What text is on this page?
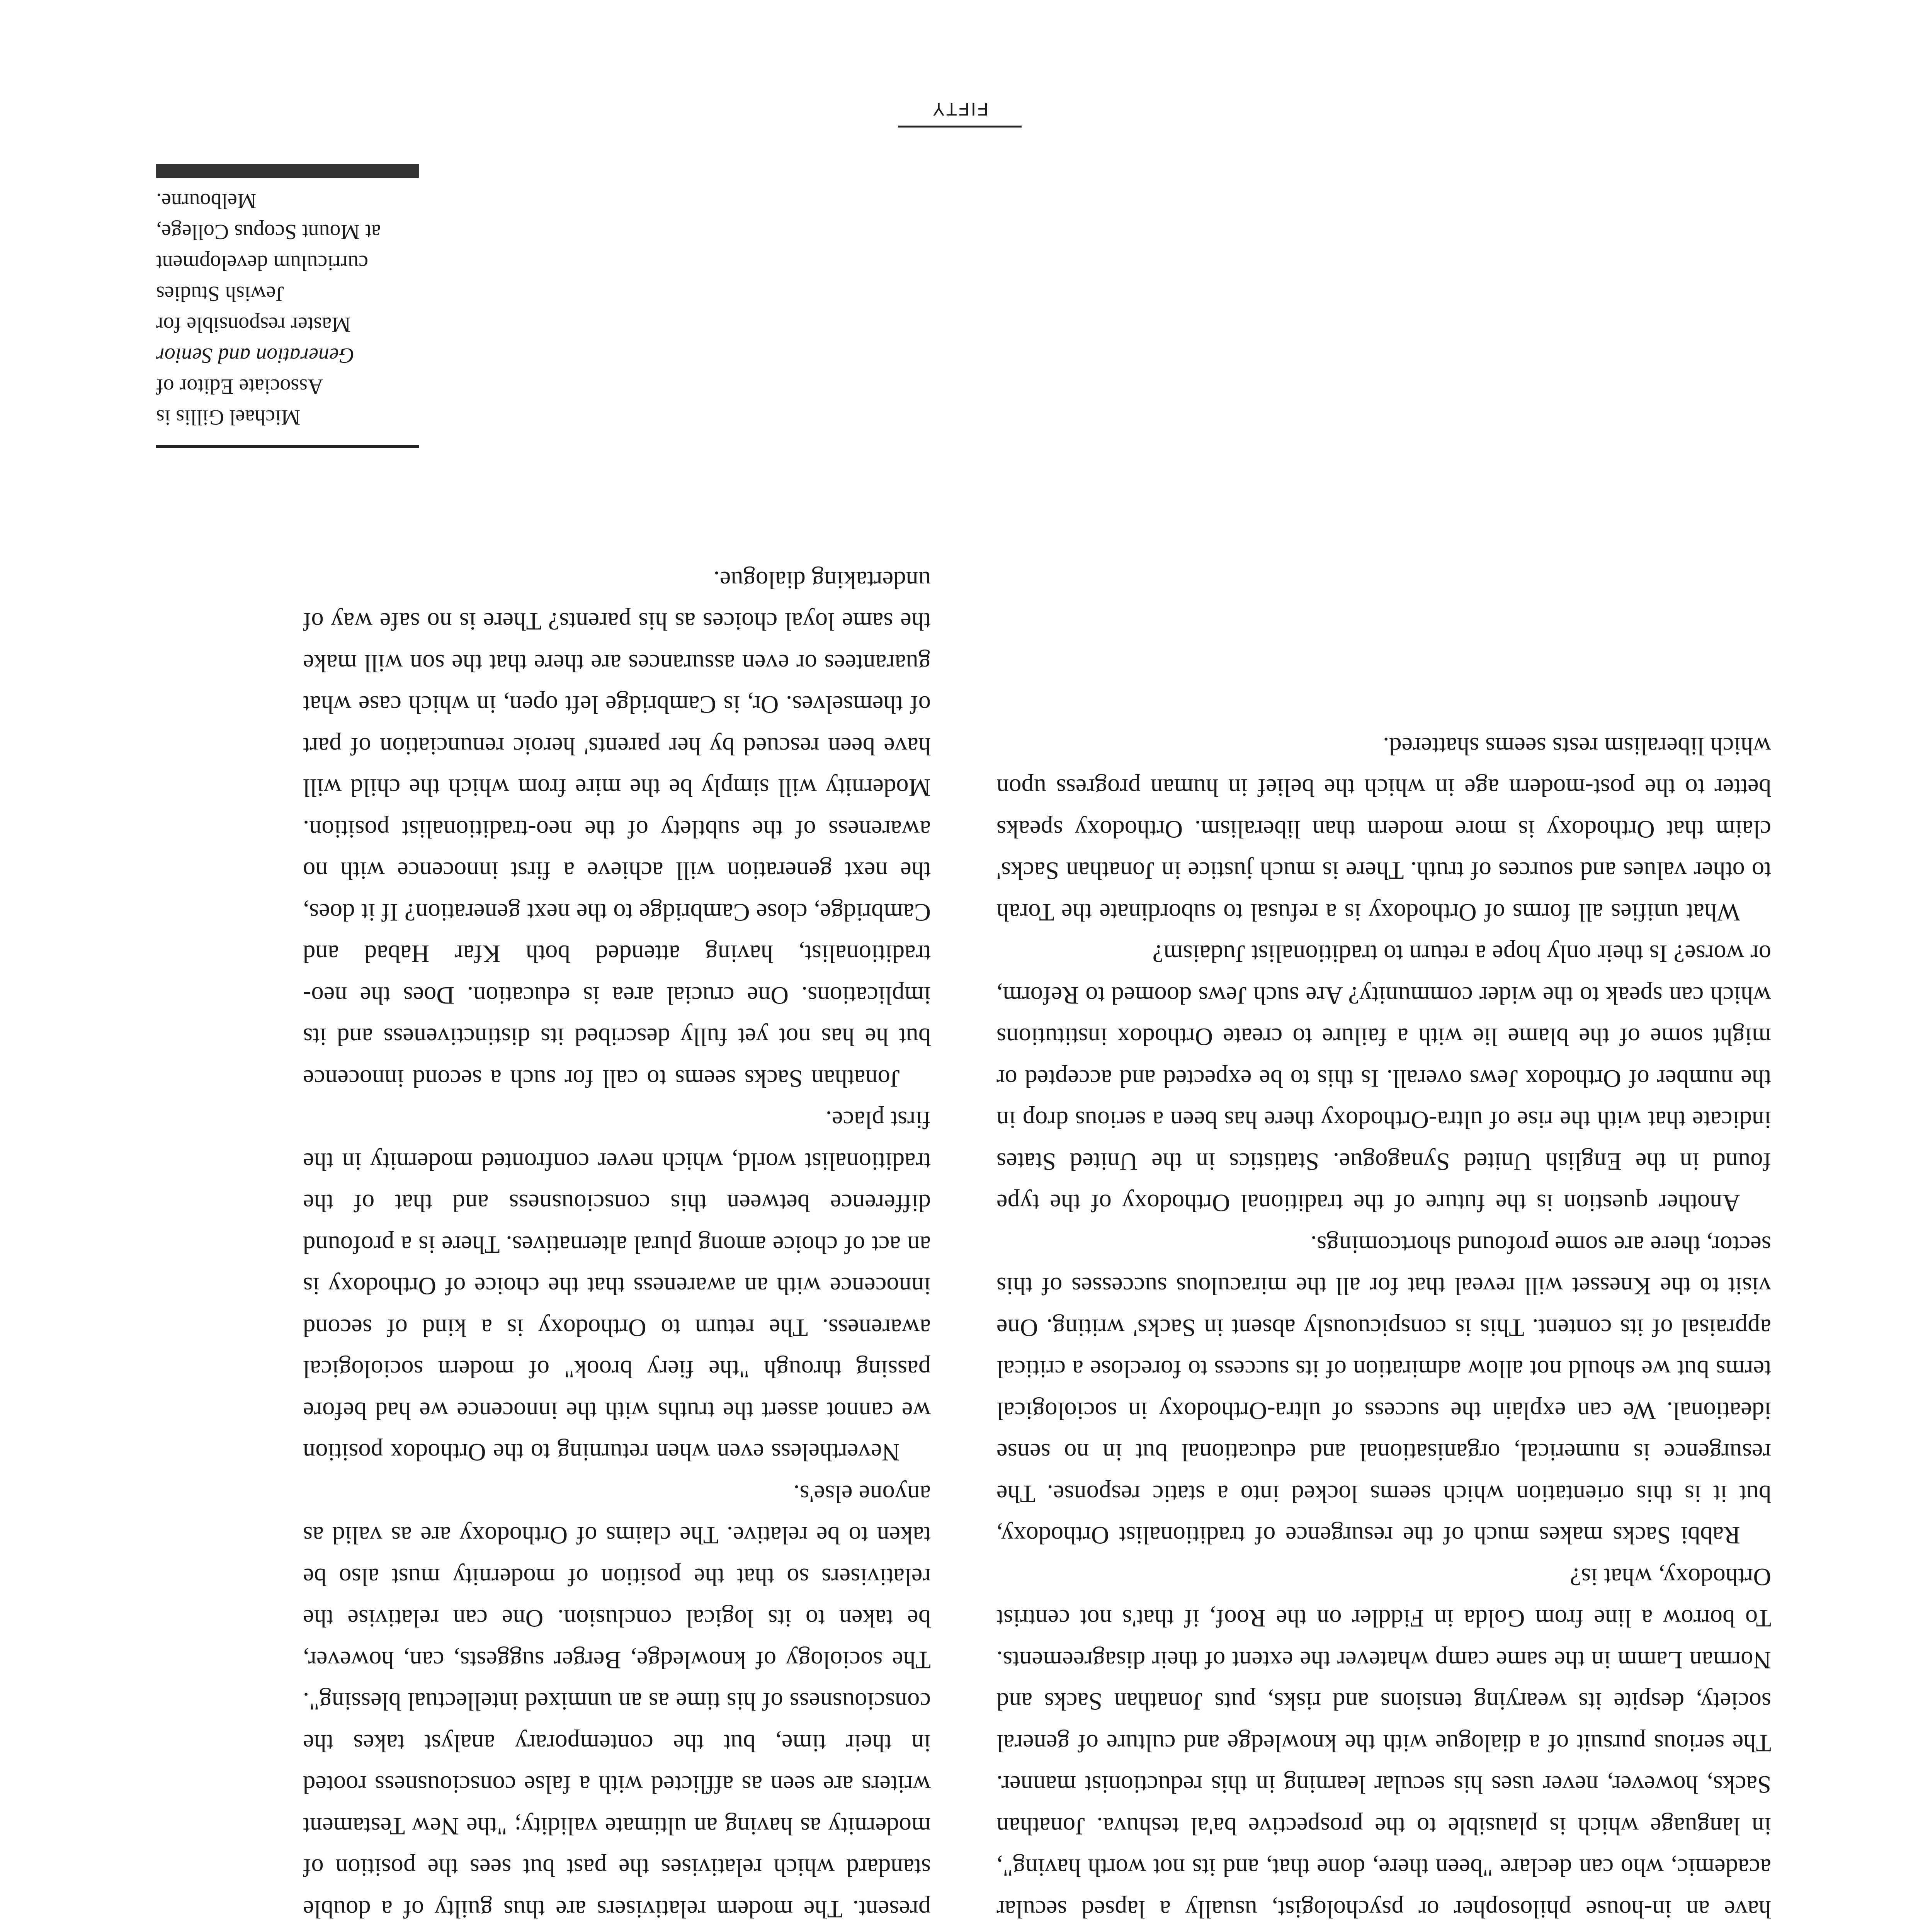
have an in-house philosopher or psychologist, usually a lapsed secular academic, who can declare "been there, done that, and its not worth having", in language which is plausible to the prospective ba'al teshuva. Jonathan Sacks, however, never uses his secular learning in this reductionist manner. The serious pursuit of a dialogue with the knowledge and culture of general society, despite its wearying tensions and risks, puts Jonathan Sacks and Norman Lamm in the same camp whatever the extent of their disagreements. To borrow a line from Golda in Fiddler on the Roof, if that's not centrist Orthodoxy, what is?

Rabbi Sacks makes much of the resurgence of traditionalist Orthodoxy, but it is this orientation which seems locked into a static response. The resurgence is numerical, organisational and educational but in no sense ideational. We can explain the success of ultra-Orthodoxy in sociological terms but we should not allow admiration of its success to foreclose a critical appraisal of its content. This is conspicuously absent in Sacks' writing. One visit to the Knesset will reveal that for all the miraculous successes of this sector, there are some profound shortcomings.

Another question is the future of the traditional Orthodoxy of the type found in the English United Synagogue. Statistics in the United States indicate that with the rise of ultra-Orthodoxy there has been a serious drop in the number of Orthodox Jews overall. Is this to be expected and accepted or might some of the blame lie with a failure to create Orthodox institutions which can speak to the wider community? Are such Jews doomed to Reform, or worse? Is their only hope a return to traditionalist Judaism?

What unifies all forms of Orthodoxy is a refusal to subordinate the Torah to other values and sources of truth. There is much justice in Jonathan Sacks' claim that Orthodoxy is more modern than liberalism. Orthodoxy speaks better to the post-modern age in which the belief in human progress upon which liberalism rests seems shattered.

present. The modern relativisers are thus guilty of a double standard which relativises the past but sees the position of modernity as having an ultimate validity; "the New Testament writers are seen as afflicted with a false consciousness rooted in their time, but the contemporary analyst takes the consciousness of his time as an unmixed intellectual blessing". The sociology of knowledge, Berger suggests, can, however, be taken to its logical conclusion. One can relativise the relativisers so that the position of modernity must also be taken to be relative. The claims of Orthodoxy are as valid as anyone else's.

Nevertheless even when returning to the Orthodox position we cannot assert the truths with the innocence we had before passing through "the fiery brook" of modern sociological awareness. The return to Orthodoxy is a kind of second innocence with an awareness that the choice of Orthodoxy is an act of choice among plural alternatives. There is a profound difference between this consciousness and that of the traditionalist world, which never confronted modernity in the first place.

Jonathan Sacks seems to call for such a second innocence but he has not yet fully described its distinctiveness and its implications. One crucial area is education. Does the neo-traditionalist, having attended both Kfar Habad and Cambridge, close Cambridge to the next generation? If it does, the next generation will achieve a first innocence with no awareness of the subtlety of the neo-traditionalist position. Modernity will simply be the mire from which the child will have been rescued by her parents' heroic renunciation of part of themselves. Or, is Cambridge left open, in which case what guarantees or even assurances are there that the son will make the same loyal choices as his parents? There is no safe way of undertaking dialogue.

Michael Gillis is
Associate Editor of
Generation and Senior
Master responsible for
Jewish Studies
curriculum development
at Mount Scopus College,
Melbourne.
FIFTY
